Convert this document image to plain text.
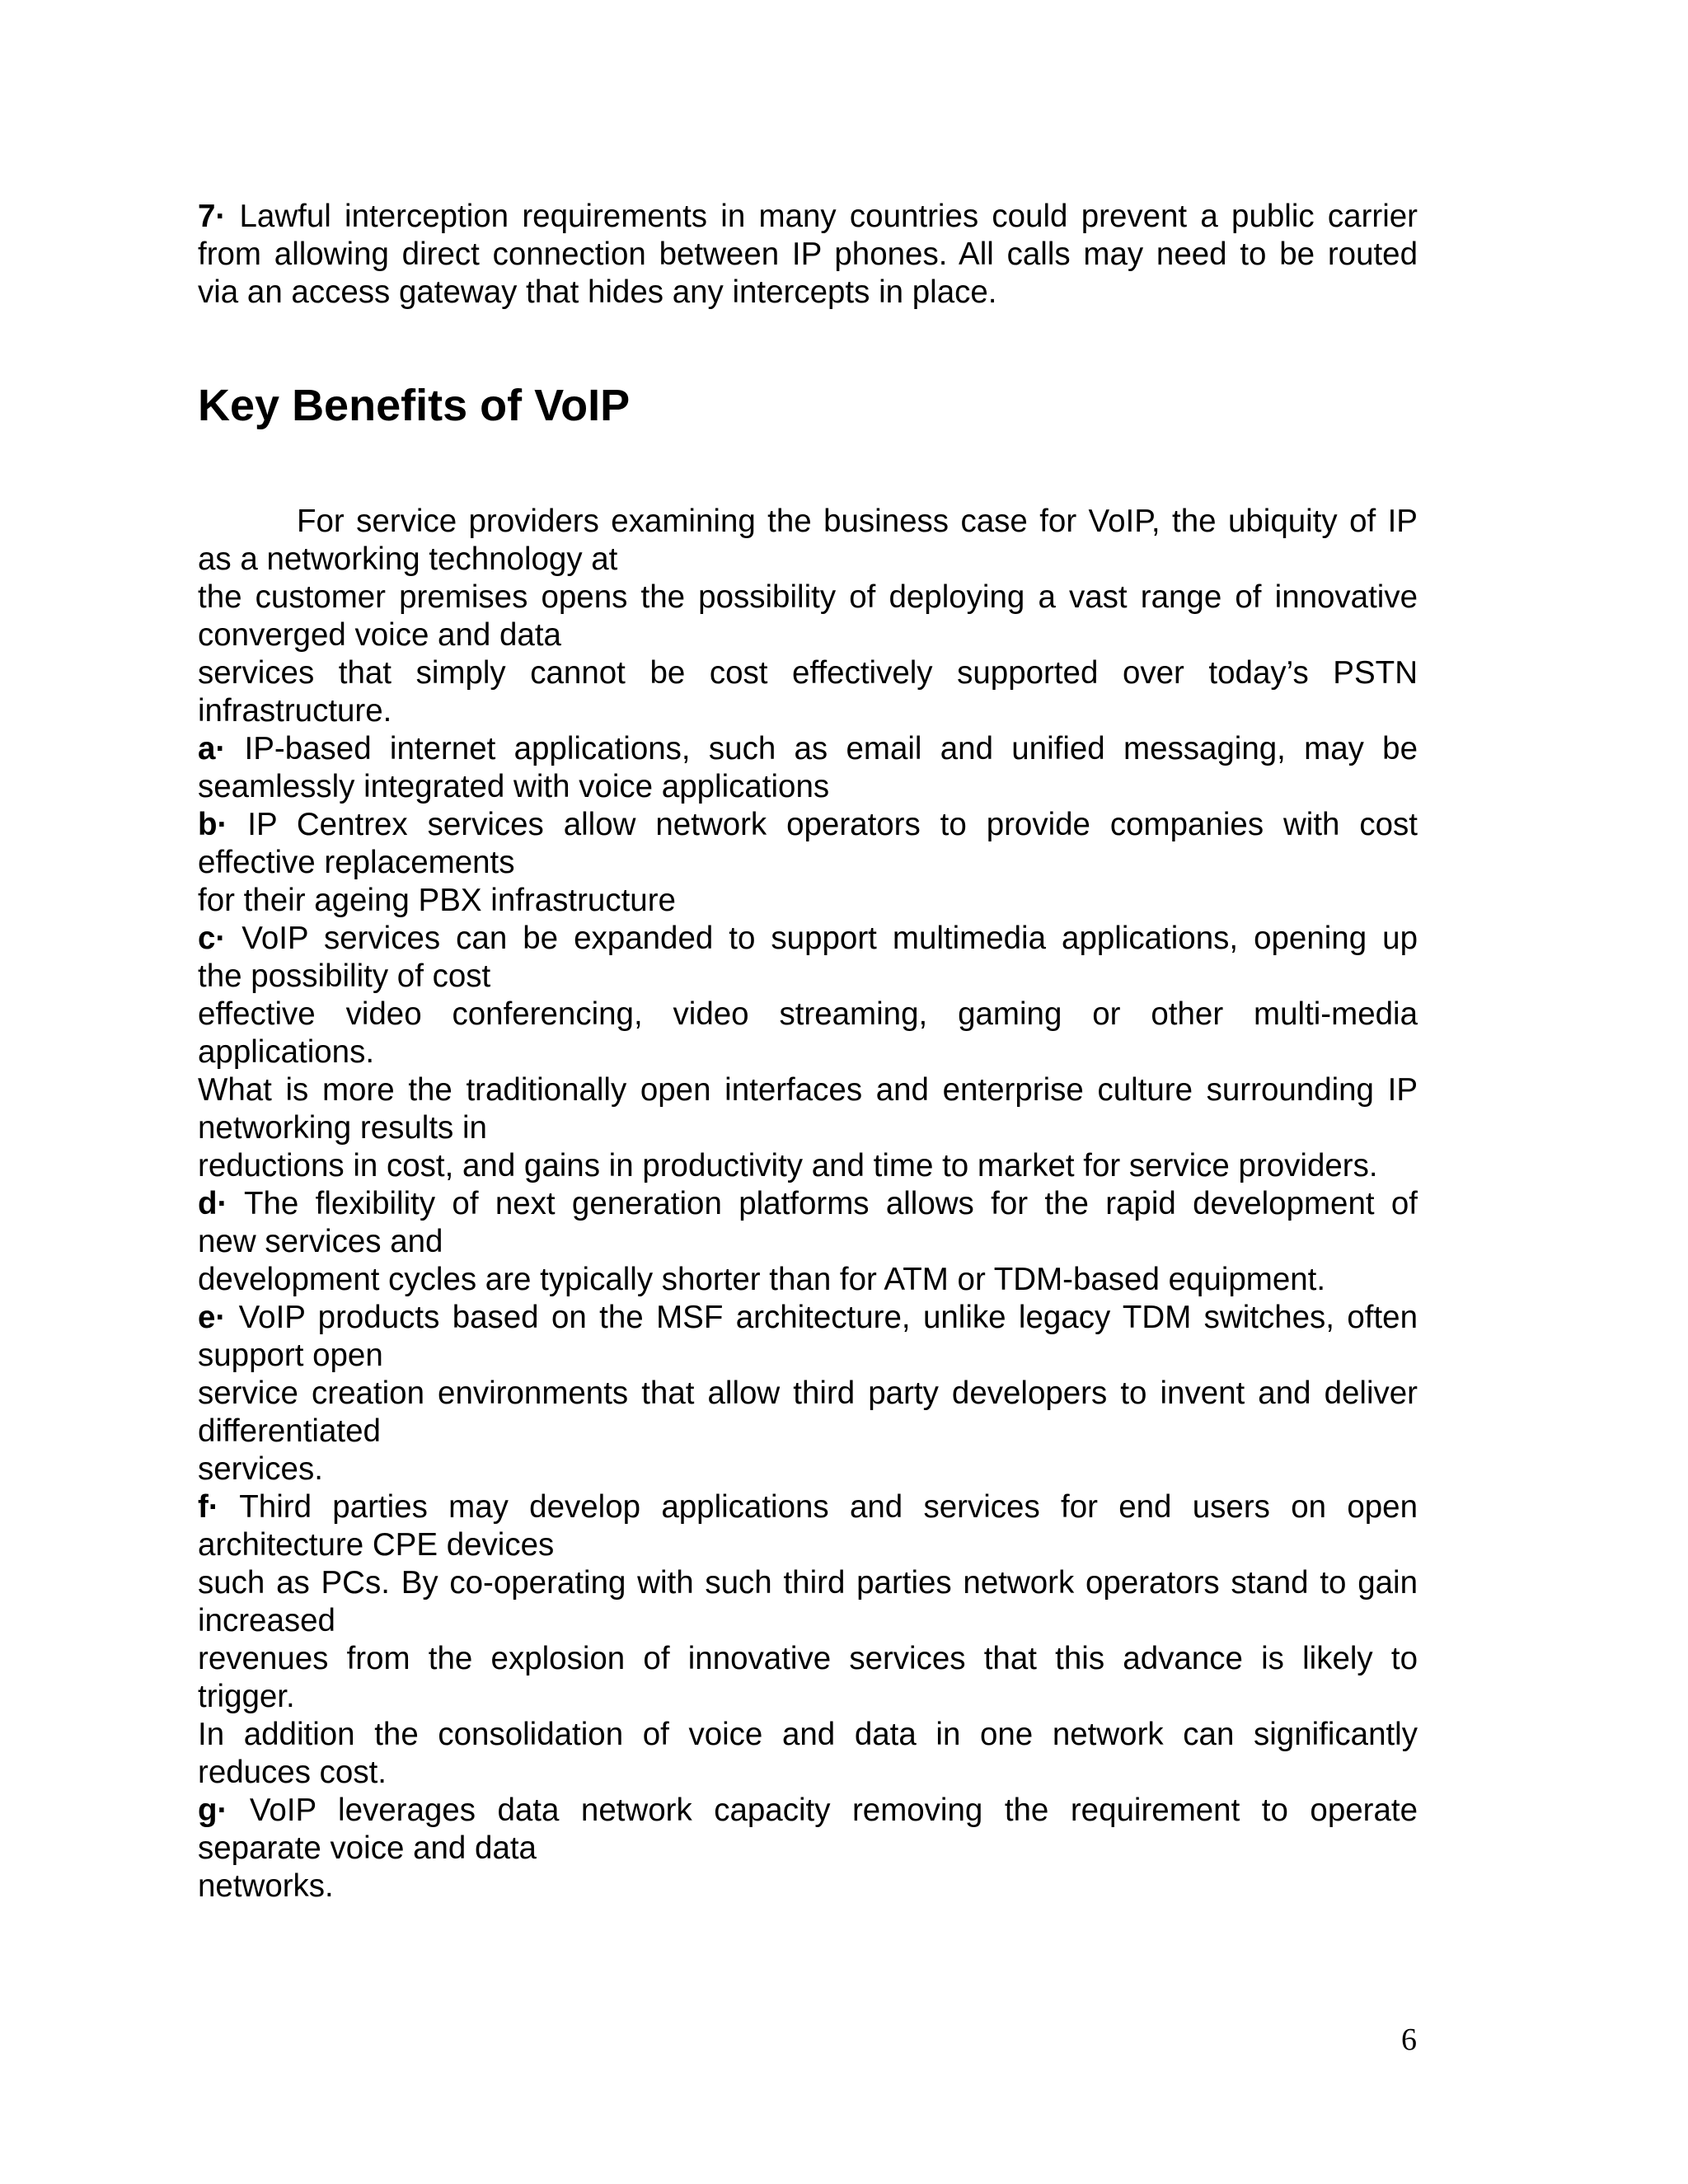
7· Lawful interception requirements in many countries could prevent a public carrier

from allowing direct connection between IP phones. All calls may need to be routed

via an access gateway that hides any intercepts in place.

Key Benefits of VoIP

For service providers examining the business case for VoIP, the ubiquity of IP

as a networking technology at

the customer premises opens the possibility of deploying a vast range of innovative

converged voice and data

services that simply cannot be cost effectively supported over today’s PSTN

infrastructure.

a· IP-based internet applications, such as email and unified messaging, may be

seamlessly integrated with voice applications

b· IP Centrex services allow network operators to provide companies with cost

effective replacements

for their ageing PBX infrastructure

c· VoIP services can be expanded to support multimedia applications, opening up

the possibility of cost

effective video conferencing, video streaming, gaming or other multi-media

applications.

What is more the traditionally open interfaces and enterprise culture surrounding IP

networking results in

reductions in cost, and gains in productivity and time to market for service providers.

d· The flexibility of next generation platforms allows for the rapid development of

new services and

development cycles are typically shorter than for ATM or TDM-based equipment.

e· VoIP products based on the MSF architecture, unlike legacy TDM switches, often

support open

service creation environments that allow third party developers to invent and deliver

differentiated

services.

f· Third parties may develop applications and services for end users on open

architecture CPE devices

such as PCs. By co-operating with such third parties network operators stand to gain

increased

revenues from the explosion of innovative services that this advance is likely to

trigger.

In addition the consolidation of voice and data in one network can significantly

reduces cost.

g· VoIP leverages data network capacity removing the requirement to operate

separate voice and data

networks.

6
